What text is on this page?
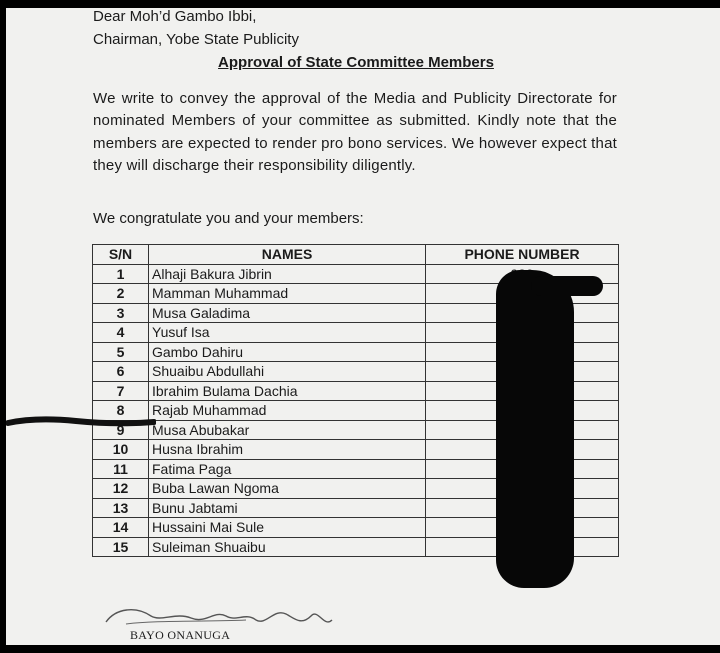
Dear Moh’d Gambo Ibbi,
Chairman, Yobe State Publicity
Approval of State Committee Members
We write to convey the approval of the Media and Publicity Directorate for nominated Members of your committee as submitted. Kindly note that the members are expected to render pro bono services. We however expect that they will discharge their responsibility diligently.
We congratulate you and your members:
S/N	NAMES	PHONE NUMBER
1	Alhaji Bakura Jibrin	
2	Mamman Muhammad	
3	Musa Galadima	
4	Yusuf Isa	
5	Gambo Dahiru	
6	Shuaibu Abdullahi	
7	Ibrahim Bulama Dachia	
8	Rajab Muhammad	
9	Musa Abubakar	
10	Husna Ibrahim	
11	Fatima Paga	
12	Buba Lawan Ngoma	
13	Bunu Jabtami	
14	Hussaini Mai Sule	
15	Suleiman Shuaibu	
BAYO ONANUGA
